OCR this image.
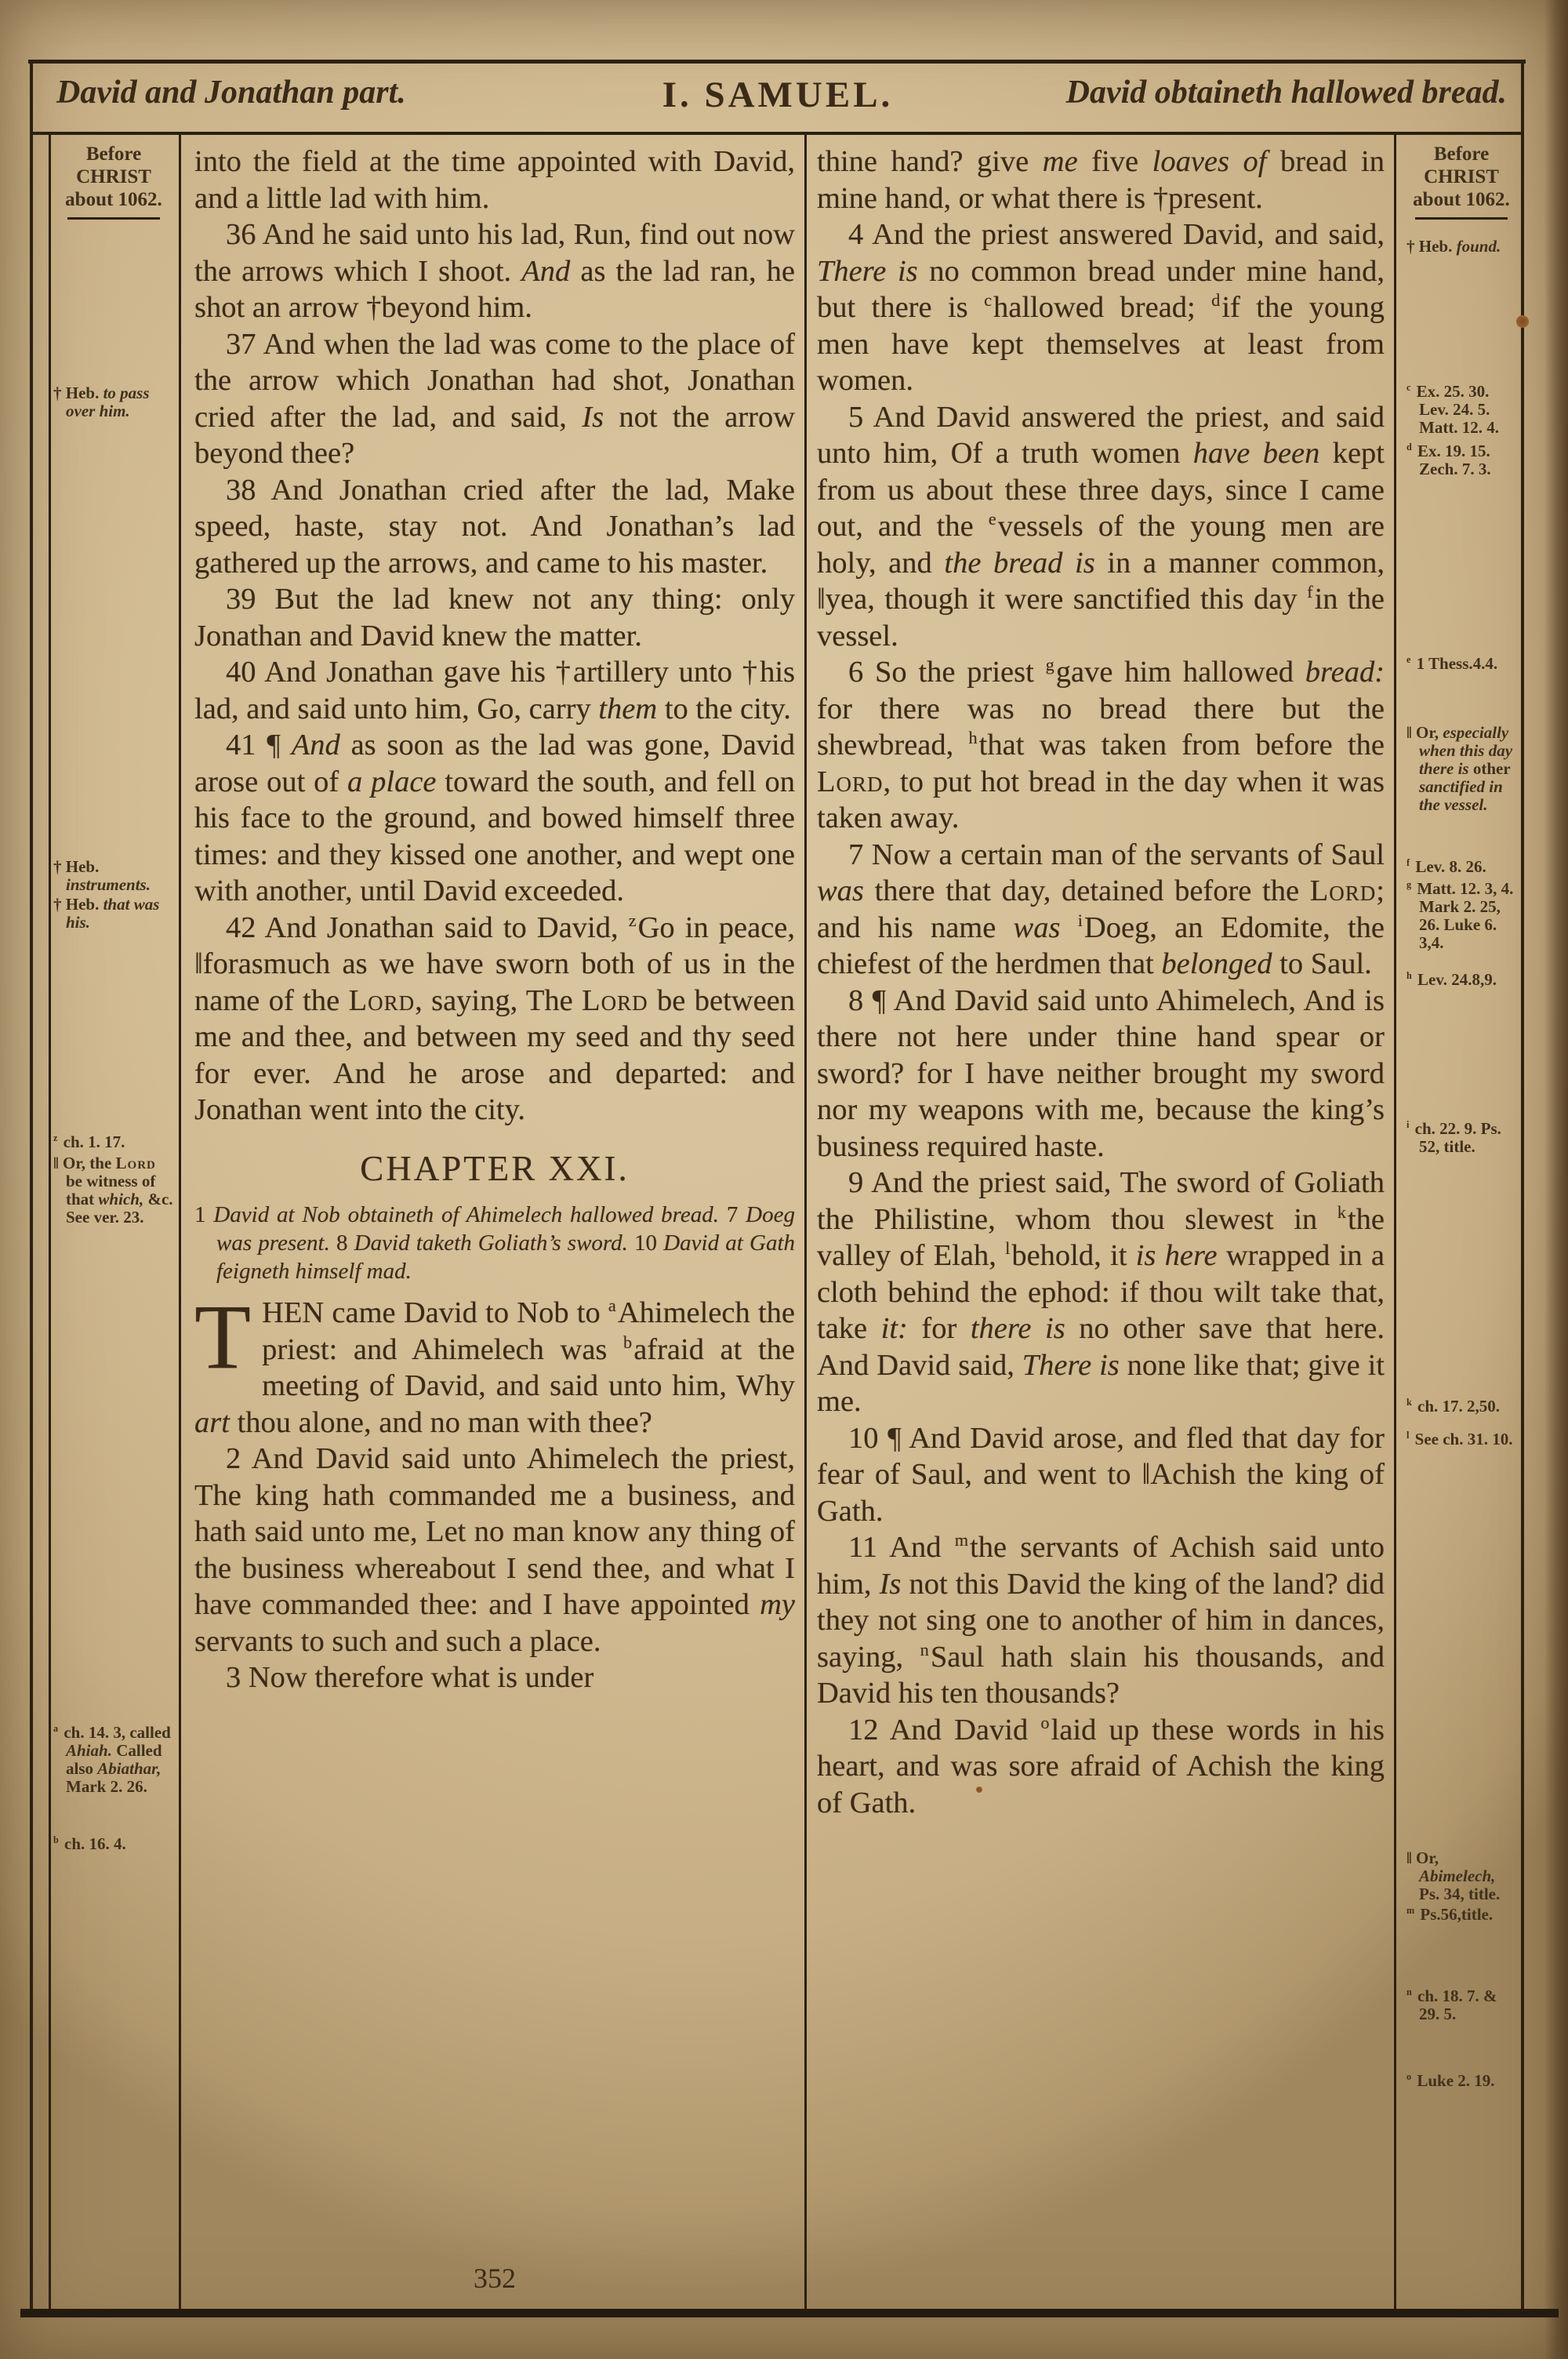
David and Jonathan part.	I. SAMUEL.	David obtaineth hallowed bread.
Before
CHRIST
about 1062.
† Heb. to pass over him.
† Heb. instruments.
† Heb. that was his.
$^z$ ch. 1. 17.
‖ Or, the Lord be witness of that which, &c. See ver. 23.
$^a$ ch. 14. 3, called Ahiah. Called also Abiathar, Mark 2. 26.
$^b$ ch. 16. 4.
Before
CHRIST
about 1062.
† Heb. found.
$^c$ Ex. 25. 30. Lev. 24. 5. Matt. 12. 4.
$^d$ Ex. 19. 15. Zech. 7. 3.
$^e$ 1 Thess.4.4.
‖ Or, especially when this day there is other sanctified in the vessel.
$^f$ Lev. 8. 26.
$^g$ Matt. 12. 3, 4. Mark 2. 25, 26. Luke 6. 3,4.
$^h$ Lev. 24.8,9.
$^i$ ch. 22. 9. Ps. 52, title.
$^k$ ch. 17. 2,50.
$^l$ See ch. 31. 10.
‖ Or, Abimelech, Ps. 34, title.
$^m$ Ps.56,title.
$^n$ ch. 18. 7. & 29. 5.
$^o$ Luke 2. 19.

into the field at the time appointed with David, and a little lad with him.

36 And he said unto his lad, Run, find out now the arrows which I shoot. And as the lad ran, he shot an arrow †beyond him.

37 And when the lad was come to the place of the arrow which Jonathan had shot, Jonathan cried after the lad, and said, Is not the arrow beyond thee?

38 And Jonathan cried after the lad, Make speed, haste, stay not. And Jonathan’s lad gathered up the arrows, and came to his master.

39 But the lad knew not any thing: only Jonathan and David knew the matter.

40 And Jonathan gave his †artillery unto †his lad, and said unto him, Go, carry them to the city.

41 ¶ And as soon as the lad was gone, David arose out of a place toward the south, and fell on his face to the ground, and bowed himself three times: and they kissed one another, and wept one with another, until David exceeded.

42 And Jonathan said to David, $^z$Go in peace, ‖forasmuch as we have sworn both of us in the name of the Lord, saying, The Lord be between me and thee, and between my seed and thy seed for ever. And he arose and departed: and Jonathan went into the city.

CHAPTER XXI.

1 David at Nob obtaineth of Ahimelech hallowed bread. 7 Doeg was present. 8 David taketh Goliath’s sword. 10 David at Gath feigneth himself mad.

THEN came David to Nob to $^a$Ahimelech the priest: and Ahimelech was $^b$afraid at the meeting of David, and said unto him, Why art thou alone, and no man with thee?

2 And David said unto Ahimelech the priest, The king hath commanded me a business, and hath said unto me, Let no man know any thing of the business whereabout I send thee, and what I have commanded thee: and I have appointed my servants to such and such a place.

3 Now therefore what is under

thine hand? give me five loaves of bread in mine hand, or what there is †present.

4 And the priest answered David, and said, There is no common bread under mine hand, but there is $^c$hallowed bread; $^d$if the young men have kept themselves at least from women.

5 And David answered the priest, and said unto him, Of a truth women have been kept from us about these three days, since I came out, and the $^e$vessels of the young men are holy, and the bread is in a manner common, ‖yea, though it were sanctified this day $^f$in the vessel.

6 So the priest $^g$gave him hallowed bread: for there was no bread there but the shewbread, $^h$that was taken from before the Lord, to put hot bread in the day when it was taken away.

7 Now a certain man of the servants of Saul was there that day, detained before the Lord; and his name was $^i$Doeg, an Edomite, the chiefest of the herdmen that belonged to Saul.

8 ¶ And David said unto Ahimelech, And is there not here under thine hand spear or sword? for I have neither brought my sword nor my weapons with me, because the king’s business required haste.

9 And the priest said, The sword of Goliath the Philistine, whom thou slewest in $^k$the valley of Elah, $^l$behold, it is here wrapped in a cloth behind the ephod: if thou wilt take that, take it: for there is no other save that here. And David said, There is none like that; give it me.

10 ¶ And David arose, and fled that day for fear of Saul, and went to ‖Achish the king of Gath.

11 And $^m$the servants of Achish said unto him, Is not this David the king of the land? did they not sing one to another of him in dances, saying, $^n$Saul hath slain his thousands, and David his ten thousands?

12 And David $^o$laid up these words in his heart, and was sore afraid of Achish the king of Gath.

352
